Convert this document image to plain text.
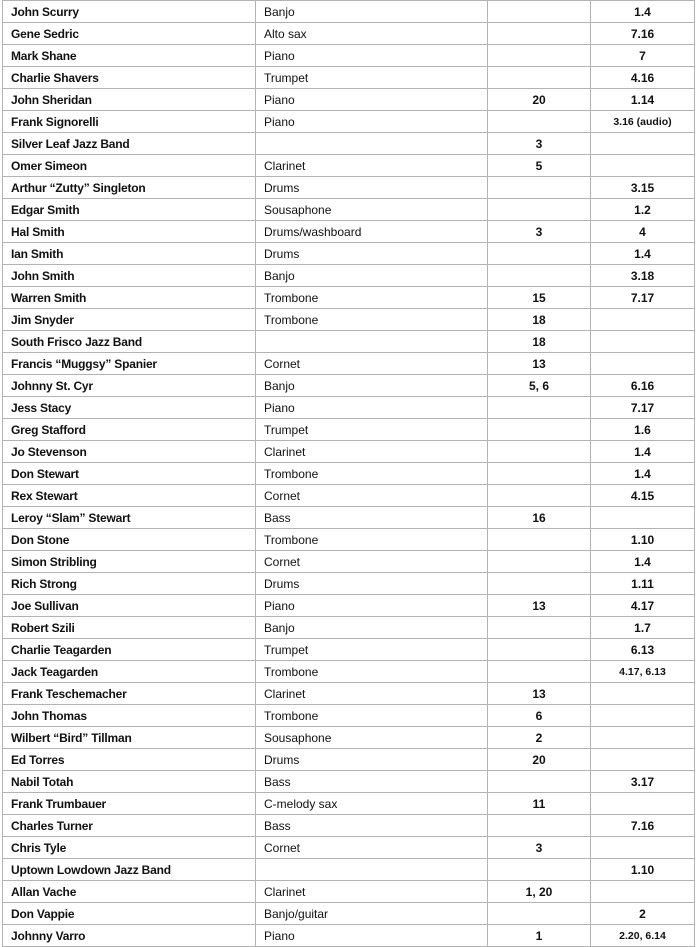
John Scurry	Banjo		1.4
Gene Sedric	Alto sax		7.16
Mark Shane	Piano		7
Charlie Shavers	Trumpet		4.16
John Sheridan	Piano	20	1.14
Frank Signorelli	Piano		3.16 (audio)
Silver Leaf Jazz Band		3	
Omer Simeon	Clarinet	5	
Arthur “Zutty” Singleton	Drums		3.15
Edgar Smith	Sousaphone		1.2
Hal Smith	Drums/washboard	3	4
Ian Smith	Drums		1.4
John Smith	Banjo		3.18
Warren Smith	Trombone	15	7.17
Jim Snyder	Trombone	18	
South Frisco Jazz Band		18	
Francis “Muggsy” Spanier	Cornet	13	
Johnny St. Cyr	Banjo	5, 6	6.16
Jess Stacy	Piano		7.17
Greg Stafford	Trumpet		1.6
Jo Stevenson	Clarinet		1.4
Don Stewart	Trombone		1.4
Rex Stewart	Cornet		4.15
Leroy “Slam” Stewart	Bass	16	
Don Stone	Trombone		1.10
Simon Stribling	Cornet		1.4
Rich Strong	Drums		1.11
Joe Sullivan	Piano	13	4.17
Robert Szili	Banjo		1.7
Charlie Teagarden	Trumpet		6.13
Jack Teagarden	Trombone		4.17, 6.13
Frank Teschemacher	Clarinet	13	
John Thomas	Trombone	6	
Wilbert “Bird” Tillman	Sousaphone	2	
Ed Torres	Drums	20	
Nabil Totah	Bass		3.17
Frank Trumbauer	C-melody sax	11	
Charles Turner	Bass		7.16
Chris Tyle	Cornet	3	
Uptown Lowdown Jazz Band			1.10
Allan Vache	Clarinet	1, 20	
Don Vappie	Banjo/guitar		2
Johnny Varro	Piano	1	2.20, 6.14
